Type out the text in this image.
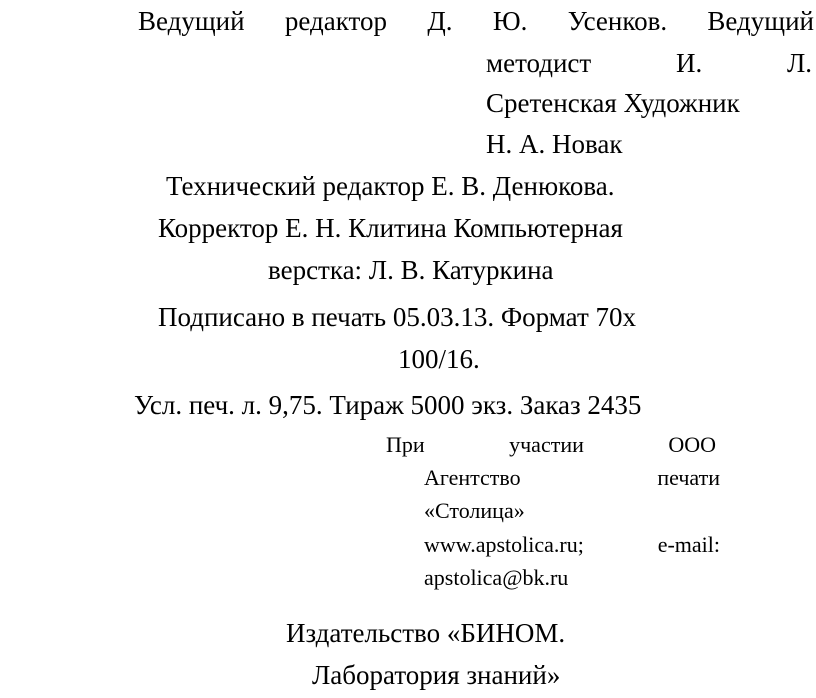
Ведущий редактор Д. Ю. Усенков. Ведущий
методист	И.	Л.

Сретенская Художник

Н. А. Новак

Технический редактор Е. В. Денюкова.

Корректор Е. Н. Клитина Компьютерная

верстка: Л. В. Катуркина

Подписано в печать 05.03.13. Формат 70х

100/16.

Усл. печ. л. 9,75. Тираж 5000 экз. Заказ 2435

При	участии	ООО
Агентство	печати

«Столица»

www.apstolica.ru;	e-mail:

apstolica@bk.ru

Издательство «БИНОМ.

Лаборатория знаний»
